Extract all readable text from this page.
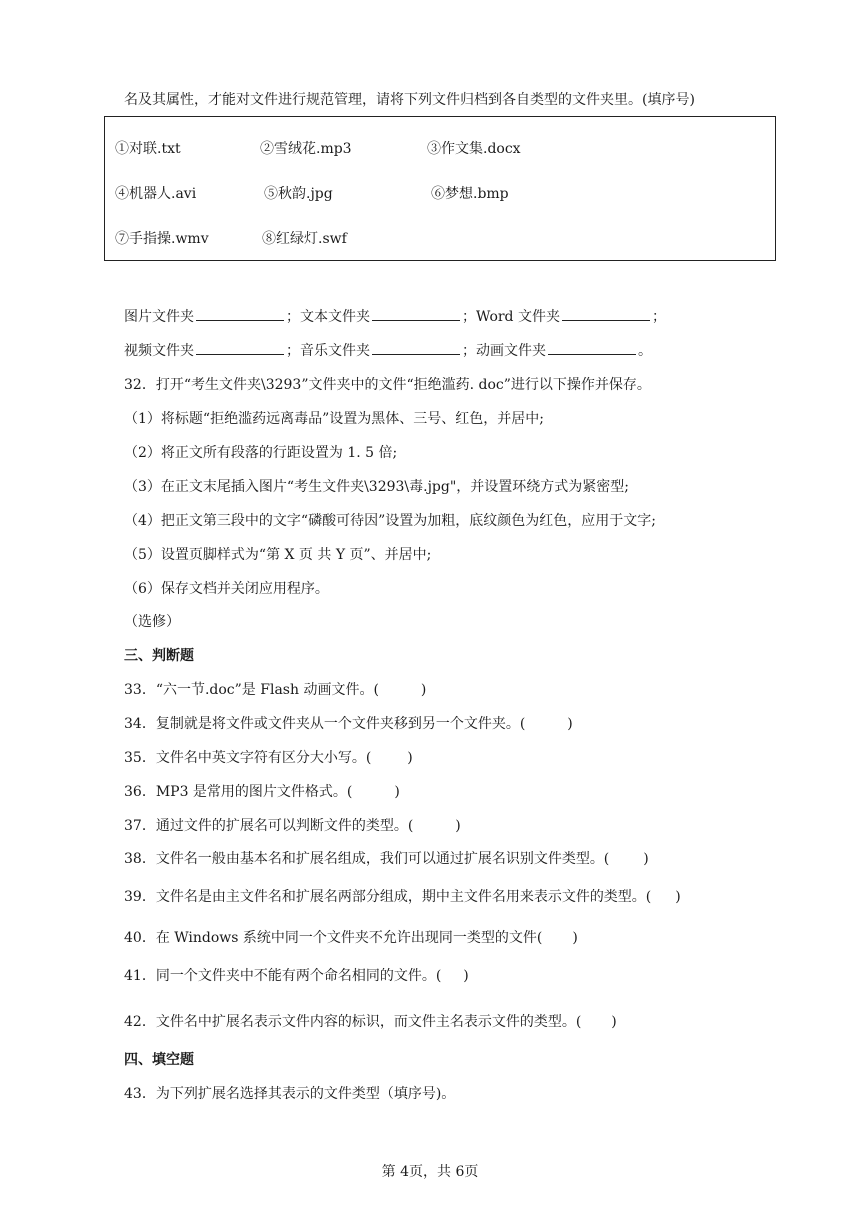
名及其属性，才能对文件进行规范管理，请将下列文件归档到各自类型的文件夹里。(填序号)
①对联.txt	②雪绒花.mp3	③作文集.docx
④机器人.avi	⑤秋韵.jpg	⑥梦想.bmp
⑦手指操.wmv	⑧红绿灯.swf
图片文件夹	；文本文件夹	；Word 文件夹	；
视频文件夹	；音乐文件夹	；动画文件夹	。
32．打开“考生文件夹\3293”文件夹中的文件“拒绝滥药. doc”进行以下操作并保存。
（1）将标题“拒绝滥药远离毒品”设置为黑体、三号、红色，并居中;
（2）将正文所有段落的行距设置为 1. 5 倍;
（3）在正文末尾插入图片“考生文件夹\3293\毒.jpg"，并设置环绕方式为紧密型;
（4）把正文第三段中的文字“磷酸可待因”设置为加粗，底纹颜色为红色，应用于文字;
（5）设置页脚样式为“第 X 页 共 Y 页”、并居中;
（6）保存文档并关闭应用程序。
（选修）
三、判断题
33．“六一节.doc”是 Flash 动画文件。(	)
34．复制就是将文件或文件夹从一个文件夹移到另一个文件夹。(	)
35．文件名中英文字符有区分大小写。(	)
36．MP3 是常用的图片文件格式。(	)
37．通过文件的扩展名可以判断文件的类型。(	)
38．文件名一般由基本名和扩展名组成，我们可以通过扩展名识别文件类型。( )
39．文件名是由主文件名和扩展名两部分组成，期中主文件名用来表示文件的类型。( )
40．在 Windows 系统中同一个文件夹不允许出现同一类型的文件( )
41．同一个文件夹中不能有两个命名相同的文件。( )
42．文件名中扩展名表示文件内容的标识，而文件主名表示文件的类型。( )
四、填空题
43．为下列扩展名选择其表示的文件类型（填序号)。
第 4页，共 6页
